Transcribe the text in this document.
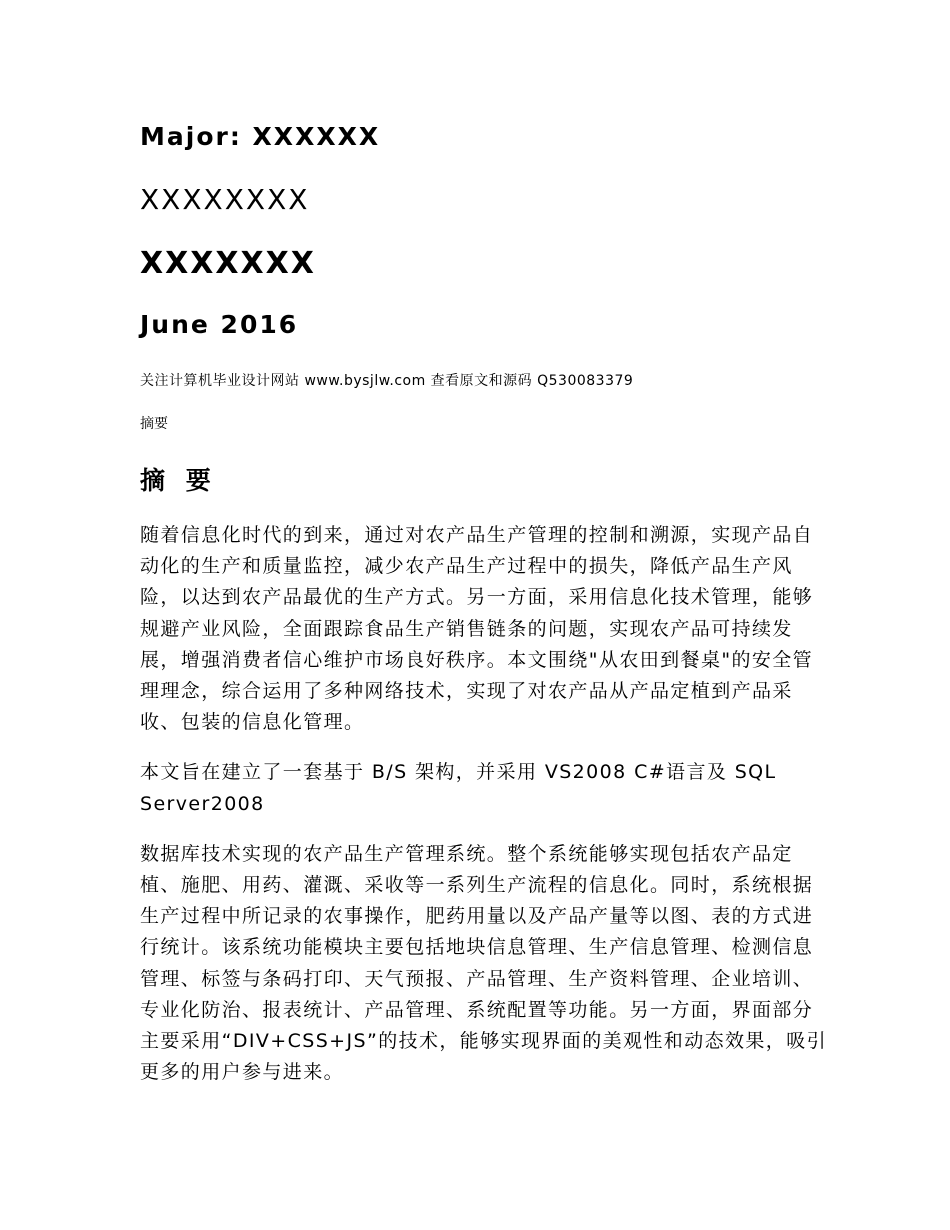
Major: XXXXXX

XXXXXXXX

XXXXXXX

June 2016

关注计算机毕业设计网站 www.bysjlw.com 查看原文和源码 Q530083379

摘要

摘 要

随着信息化时代的到来，通过对农产品生产管理的控制和溯源，实现产品自动化的生产和质量监控，减少农产品生产过程中的损失，降低产品生产风险，以达到农产品最优的生产方式。另一方面，采用信息化技术管理，能够规避产业风险，全面跟踪食品生产销售链条的问题，实现农产品可持续发展，增强消费者信心维护市场良好秩序。本文围绕"从农田到餐桌"的安全管理理念，综合运用了多种网络技术，实现了对农产品从产品定植到产品采收、包装的信息化管理。

本文旨在建立了一套基于 B/S 架构，并采用 VS2008 C#语言及 SQL Server2008

数据库技术实现的农产品生产管理系统。整个系统能够实现包括农产品定植、施肥、用药、灌溉、采收等一系列生产流程的信息化。同时，系统根据生产过程中所记录的农事操作，肥药用量以及产品产量等以图、表的方式进行统计。该系统功能模块主要包括地块信息管理、生产信息管理、检测信息管理、标签与条码打印、天气预报、产品管理、生产资料管理、企业培训、专业化防治、报表统计、产品管理、系统配置等功能。另一方面，界面部分主要采用“DIV+CSS+JS”的技术，能够实现界面的美观性和动态效果，吸引更多的用户参与进来。
